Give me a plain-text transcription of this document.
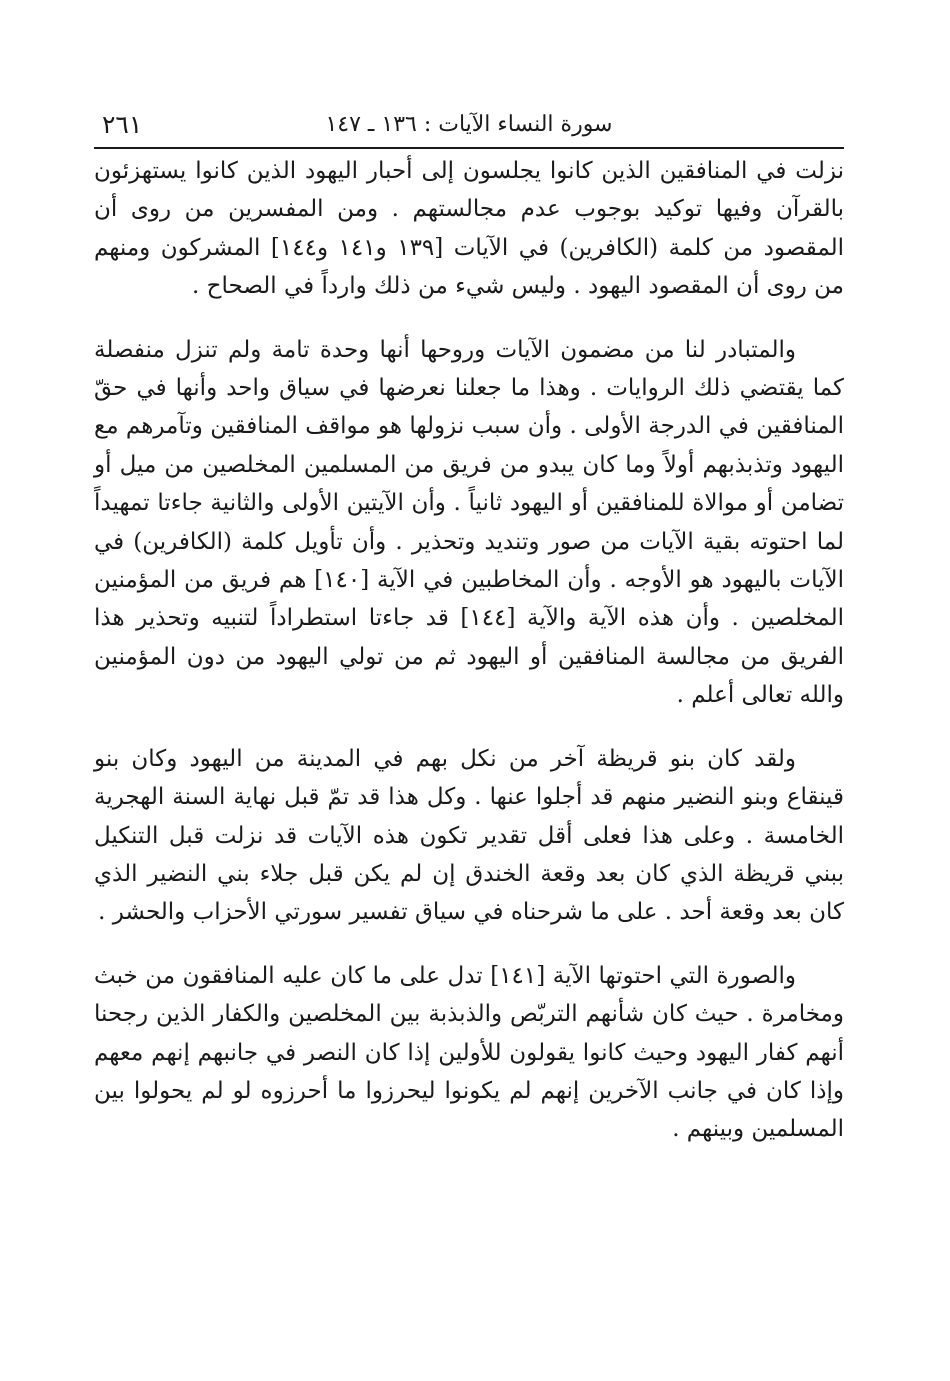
سورة النساء الآيات : ١٣٦ ـ ١٤٧
٢٦١

نزلت في المنافقين الذين كانوا يجلسون إلى أحبار اليهود الذين كانوا يستهزئون بالقرآن وفيها توكيد بوجوب عدم مجالستهم . ومن المفسرين من روى أن المقصود من كلمة (الكافرين) في الآيات [١٣٩ و١٤١ و١٤٤] المشركون ومنهم من روى أن المقصود اليهود . وليس شيء من ذلك وارداً في الصحاح .

والمتبادر لنا من مضمون الآيات وروحها أنها وحدة تامة ولم تنزل منفصلة كما يقتضي ذلك الروايات . وهذا ما جعلنا نعرضها في سياق واحد وأنها في حقّ المنافقين في الدرجة الأولى . وأن سبب نزولها هو مواقف المنافقين وتآمرهم مع اليهود وتذبذبهم أولاً وما كان يبدو من فريق من المسلمين المخلصين من ميل أو تضامن أو موالاة للمنافقين أو اليهود ثانياً . وأن الآيتين الأولى والثانية جاءتا تمهيداً لما احتوته بقية الآيات من صور وتنديد وتحذير . وأن تأويل كلمة (الكافرين) في الآيات باليهود هو الأوجه . وأن المخاطبين في الآية [١٤٠] هم فريق من المؤمنين المخلصين . وأن هذه الآية والآية [١٤٤] قد جاءتا استطراداً لتنبيه وتحذير هذا الفريق من مجالسة المنافقين أو اليهود ثم من تولي اليهود من دون المؤمنين والله تعالى أعلم .

ولقد كان بنو قريظة آخر من نكل بهم في المدينة من اليهود وكان بنو قينقاع وبنو النضير منهم قد أجلوا عنها . وكل هذا قد تمّ قبل نهاية السنة الهجرية الخامسة . وعلى هذا فعلى أقل تقدير تكون هذه الآيات قد نزلت قبل التنكيل ببني قريظة الذي كان بعد وقعة الخندق إن لم يكن قبل جلاء بني النضير الذي كان بعد وقعة أحد . على ما شرحناه في سياق تفسير سورتي الأحزاب والحشر .

والصورة التي احتوتها الآية [١٤١] تدل على ما كان عليه المنافقون من خبث ومخامرة . حيث كان شأنهم التربّص والذبذبة بين المخلصين والكفار الذين رجحنا أنهم كفار اليهود وحيث كانوا يقولون للأولين إذا كان النصر في جانبهم إنهم معهم وإذا كان في جانب الآخرين إنهم لم يكونوا ليحرزوا ما أحرزوه لو لم يحولوا بين المسلمين وبينهم .
